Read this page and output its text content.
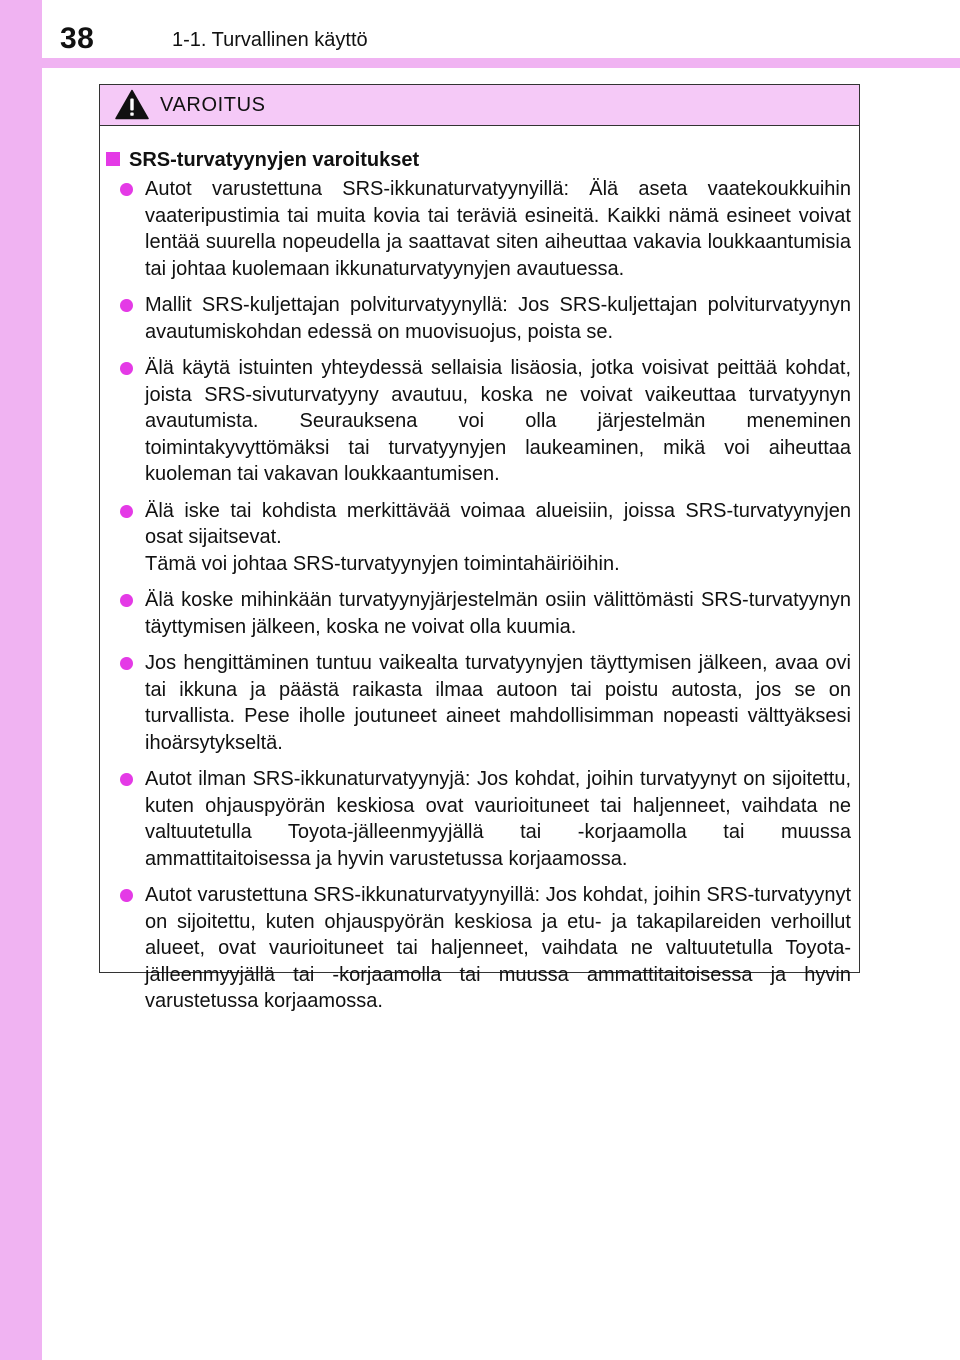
38	1-1. Turvallinen käyttö
VAROITUS
SRS-turvatyynyjen varoitukset
Autot varustettuna SRS-ikkunaturvatyynyillä: Älä aseta vaatekoukkuihin vaateripustimia tai muita kovia tai teräviä esineitä. Kaikki nämä esineet voivat lentää suurella nopeudella ja saattavat siten aiheuttaa vakavia loukkaantumisia tai johtaa kuolemaan ikkunaturvatyynyjen avautuessa.
Mallit SRS-kuljettajan polviturvatyynyllä: Jos SRS-kuljettajan polviturvatyynyn avautumiskohdan edessä on muovisuojus, poista se.
Älä käytä istuinten yhteydessä sellaisia lisäosia, jotka voisivat peittää kohdat, joista SRS-sivuturvatyyny avautuu, koska ne voivat vaikeuttaa turvatyynyn avautumista. Seurauksena voi olla järjestelmän meneminen toimintakyvyttömäksi tai turvatyynyjen laukeaminen, mikä voi aiheuttaa kuoleman tai vakavan loukkaantumisen.
Älä iske tai kohdista merkittävää voimaa alueisiin, joissa SRS-turvatyynyjen osat sijaitsevat.
Tämä voi johtaa SRS-turvatyynyjen toimintahäiriöihin.
Älä koske mihinkään turvatyynyjärjestelmän osiin välittömästi SRS-turvatyynyn täyttymisen jälkeen, koska ne voivat olla kuumia.
Jos hengittäminen tuntuu vaikealta turvatyynyjen täyttymisen jälkeen, avaa ovi tai ikkuna ja päästä raikasta ilmaa autoon tai poistu autosta, jos se on turvallista. Pese iholle joutuneet aineet mahdollisimman nopeasti välttyäksesi ihoärsytykseltä.
Autot ilman SRS-ikkunaturvatyynyjä: Jos kohdat, joihin turvatyynyt on sijoitettu, kuten ohjauspyörän keskiosa ovat vaurioituneet tai haljenneet, vaihdata ne valtuutetulla Toyota-jälleenmyyjällä tai -korjaamolla tai muussa ammattitaitoisessa ja hyvin varustetussa korjaamossa.
Autot varustettuna SRS-ikkunaturvatyynyillä: Jos kohdat, joihin SRS-turvatyynyt on sijoitettu, kuten ohjauspyörän keskiosa ja etu- ja takapilareiden verhoillut alueet, ovat vaurioituneet tai haljenneet, vaihdata ne valtuutetulla Toyota-jälleenmyyjällä tai -korjaamolla tai muussa ammattitaitoisessa ja hyvin varustetussa korjaamossa.
